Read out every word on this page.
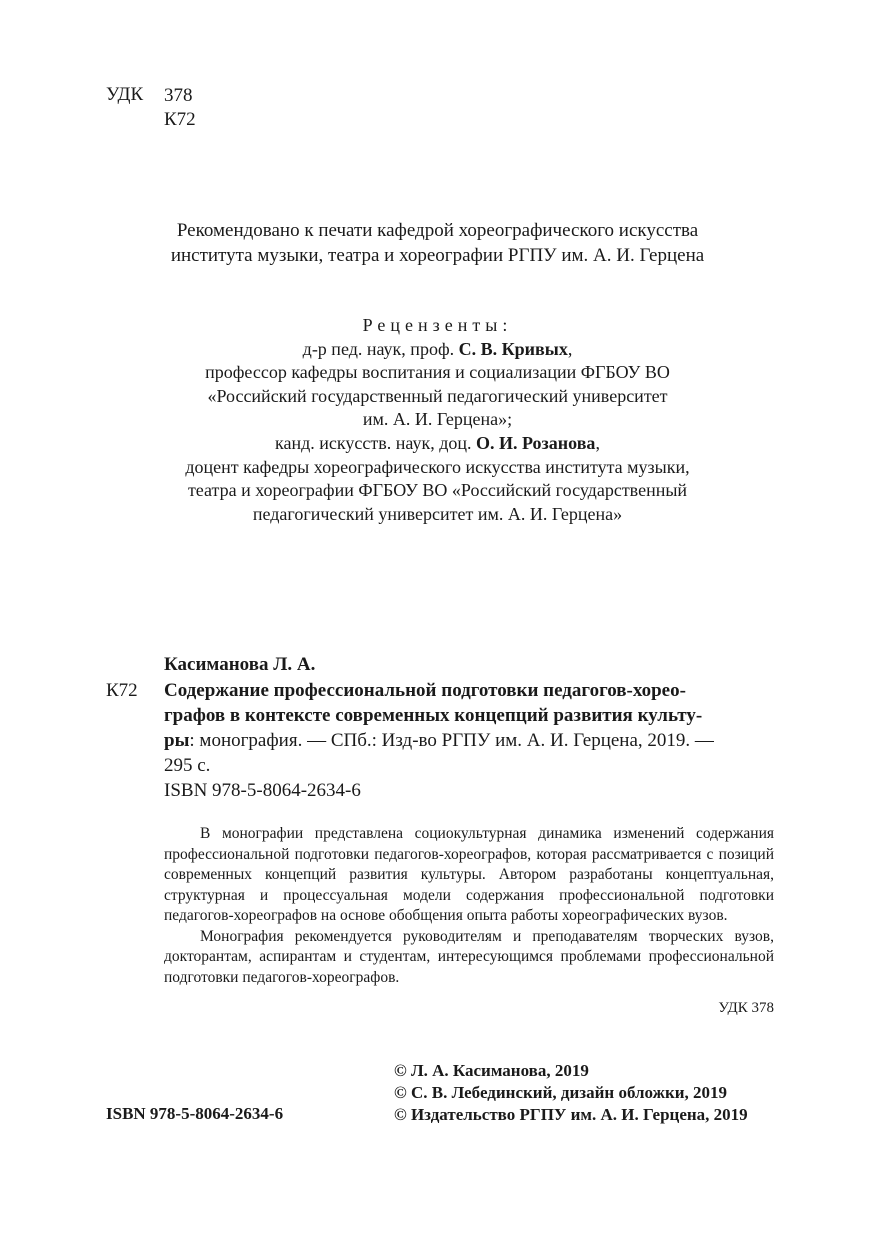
УДК 378
К72
Рекомендовано к печати кафедрой хореографического искусства
института музыки, театра и хореографии РГПУ им. А. И. Герцена
Рецензенты:
д-р пед. наук, проф. С. В. Кривых,
профессор кафедры воспитания и социализации ФГБОУ ВО
«Российский государственный педагогический университет
им. А. И. Герцена»;
канд. искусств. наук, доц. О. И. Розанова,
доцент кафедры хореографического искусства института музыки,
театра и хореографии ФГБОУ ВО «Российский государственный
педагогический университет им. А. И. Герцена»
Касиманова Л. А.
К72 Содержание профессиональной подготовки педагогов-хорео-
графов в контексте современных концепций развития культу-
ры: монография. — СПб.: Изд-во РГПУ им. А. И. Герцена, 2019. —
295 с.
ISBN 978-5-8064-2634-6

В монографии представлена социокультурная динамика изменений содержания профессиональной подготовки педагогов-хореографов, которая рассматривается с позиций современных концепций развития культуры. Автором разработаны концептуальная, структурная и процессуальная модели содержания профессиональной подготовки педагогов-хореографов на основе обобщения опыта работы хореографических вузов.

Монография рекомендуется руководителям и преподавателям творческих вузов, докторантам, аспирантам и студентам, интересующимся проблемами профессиональной подготовки педагогов-хореографов.

УДК 378
ISBN 978-5-8064-2634-6
© Л. А. Касиманова, 2019
© С. В. Лебединский, дизайн обложки, 2019
© Издательство РГПУ им. А. И. Герцена, 2019
